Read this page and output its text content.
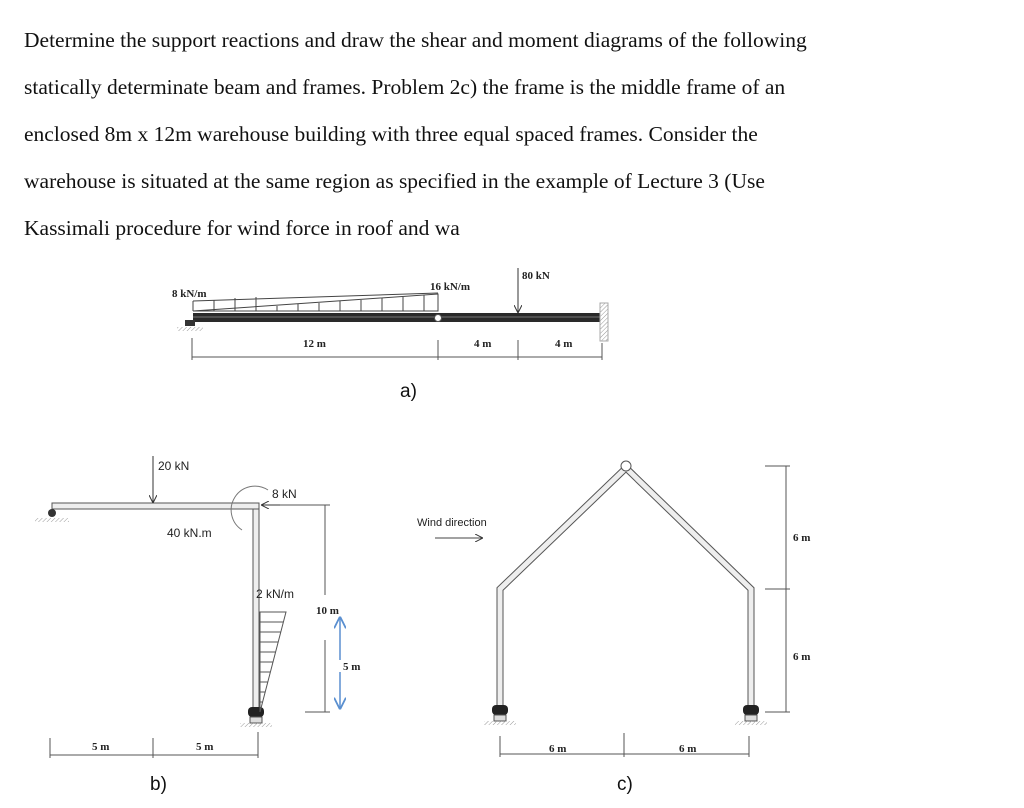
Determine the support reactions and draw the shear and moment diagrams of the following
statically determinate beam and frames. Problem 2c) the frame is the middle frame of an
enclosed 8m x 12m warehouse building with three equal spaced frames. Consider the
warehouse is situated at the same region as specified in the example of Lecture 3 (Use
Kassimali procedure for wind force in roof and wa
8 kN/m
16 kN/m
80 kN
12 m	4 m	4 m
a)
20 kN
8 kN
40 kN.m
2 kN/m
10 m
5 m
5 m	5 m
b)
Wind direction
6 m
6 m
6 m	6 m
c)
